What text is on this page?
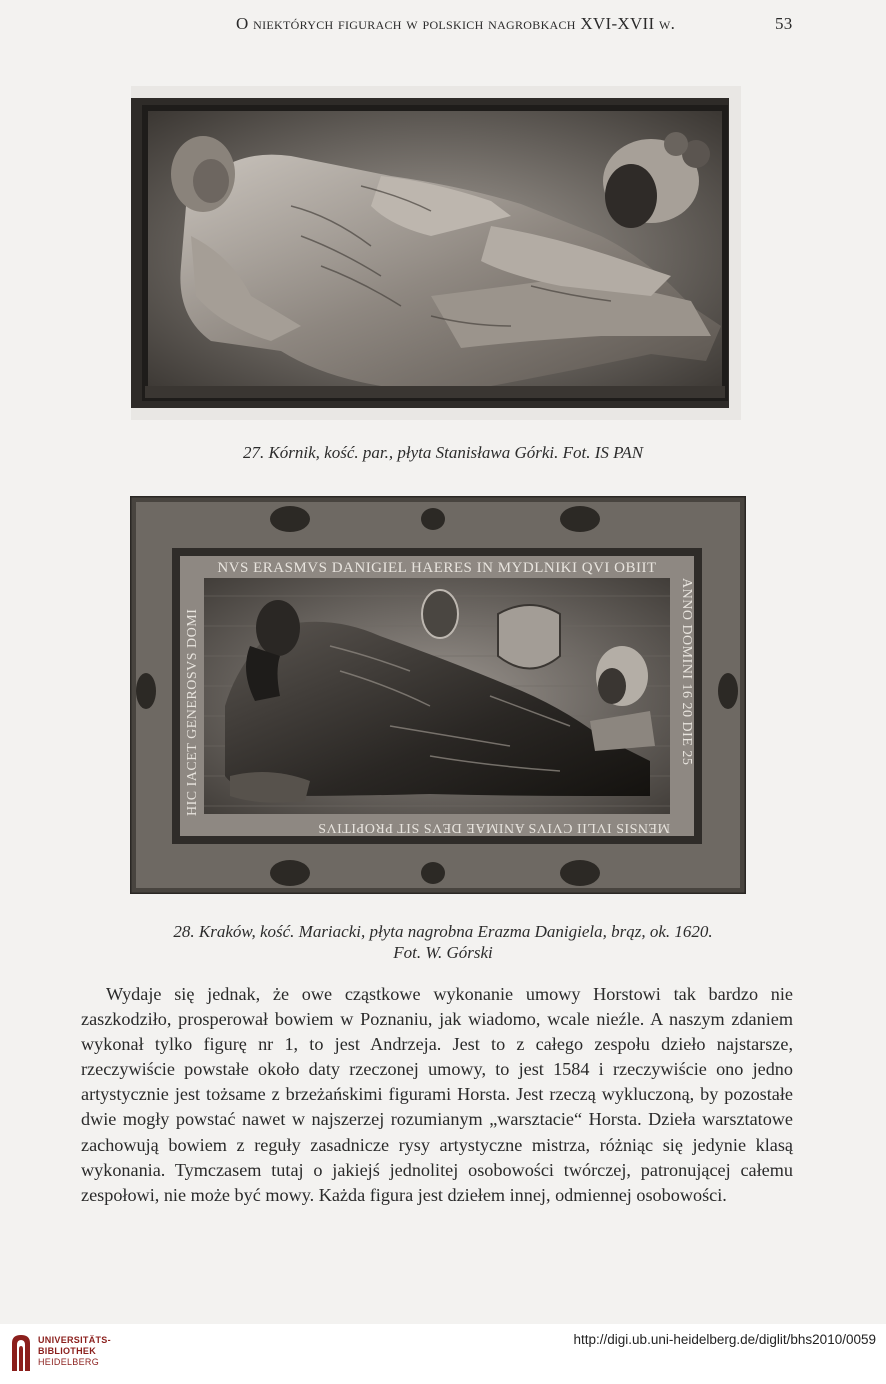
O niektórych figurach w polskich nagrobkach XVI-XVII w.	53
27. Kórnik, kość. par., płyta Stanisława Górki. Fot. IS PAN
NVS ERASMVS DANIGIEL HAERES IN MYDLNIKI QVI OBIIT
ANNO DOMINI 16 20 DIE 25
HIC IACET GENEROSVS DOMI
MENSIS IVLII CVIVS ANIMAE DEVS SIT PROPITIVS
28. Kraków, kość. Mariacki, płyta nagrobna Erazma Danigiela, brąz, ok. 1620.
Fot. W. Górski

Wydaje się jednak, że owe cząstkowe wykonanie umowy Horstowi tak bardzo nie zaszkodziło, prosperował bowiem w Poznaniu, jak wiadomo, wcale nieźle. A naszym zdaniem wykonał tylko figurę nr 1, to jest Andrzeja. Jest to z całego zespołu dzieło najstarsze, rzeczywiście powstałe około daty rzeczonej umowy, to jest 1584 i rzeczywiście ono jedno artystycznie jest tożsame z brzeżańskimi figurami Horsta. Jest rzeczą wykluczoną, by pozostałe dwie mogły powstać nawet w najszerzej rozumianym „warsztacie“ Horsta. Dzieła warsztatowe zachowują bowiem z reguły zasadnicze rysy artystyczne mistrza, różniąc się jedynie klasą wykonania. Tymczasem tutaj o jakiejś jednolitej osobowości twórczej, patronującej całemu zespołowi, nie może być mowy. Każda figura jest dziełem innej, odmiennej osobowości.

UNIVERSITÄTS-
BIBLIOTHEK
HEIDELBERG
http://digi.ub.uni-heidelberg.de/diglit/bhs2010/0059
